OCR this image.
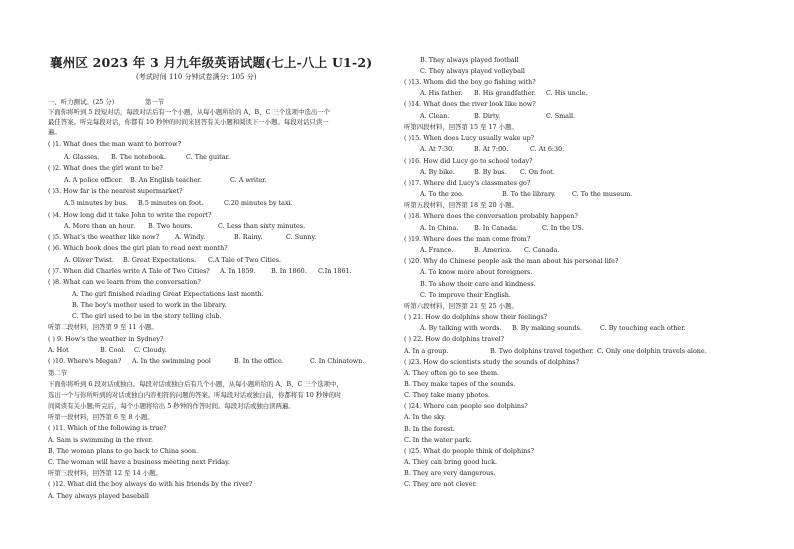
襄州区 2023 年 3 月九年级英语试题(七上-八上 U1-2)
(考试时间 110 分钟试卷满分: 105 分)
一、听力测试。(25 分)	第一节
下面你将听到 5 段短对话，每段对话后有一个小题，从每小题所给的 A、B、C 三个选项中选出一个
最佳答案。听完每段对话，你都有 10 秒钟的时间来回答有关小题和阅读下一小题。每段对话只读一
遍。
( )1. What does the man want to borrow?
A. Glasses. B. The notebook.	C. The guitar.
( )2. What does the girl want to be?
A. A police officer. B. An English teacher.	C. A writer.
( )3. How far is the nearest supermarket?
A.5 minutes by bus. B.5 minutes on foot.	C.20 minutes by taxi.
( )4. How long did it take John to write the report?
A. More than an hour. B. Two hours.	C. Less than sixty minutes.
( )5. What's the weather like now? A. Windy.	B. Rainy.	C. Sunny.
( )6. Which book does the girl plan to read next month?
A. Oliver Twist. B. Great Expectations. C.A Tale of Two Cities.
( )7. When did Charles write A Tale of Two Cities? A. In 1859. B. In 1860. C.In 1861.
( )8. What can we learn from the conversation?
A. The girl finished reading Great Expectations last month.
B. The boy's mother used to work in the library.
C. The girl used to be in the story telling club.
听第二段材料，回答第 9 至 11 小题。
( ) 9. How's the weather in Sydney?
A. Hot	B. Cool. C. Cloudy.
( )10. Where's Megan? A. In the swimming pool	B. In the office.	C. In Chinatown.
第二节
下面你将听到 6 段对话或独白。每段对话或独白后有几个小题，从每小题所给的 A、B、C 三个选项中，
选出一个与你所听到的对话或独白内容相符的问题的答案。听每段对话或独白前，你都将有 10 秒钟的时
间阅读有关小题;听完后，每个小题将给出 5 秒钟的作答时间。每段对话或独白读两遍。
听第一段材料，回答第 6 至 8 小题。
( )11. Which of the following is true?
A. Sam is swimming in the river.
B. The woman plans to go back to China soon.
C. The woman will have a business meeting next Friday.
听第三段材料，回答第 12 至 14 小题。
( )12. What did the boy always do with his friends by the river?
A. They always played baseball
B. They always played football
C. They always played volleyball
( )13. Whom did the boy go fishing with?
A. His father. B. His grandfather. C. His uncle.
( )14. What does the river look like now?
A. Clean.	B. Dirty.	C. Small.
听第四段材料，回答第 15 至 17 小题。
( )15. When does Lucy usually wake up?
A. At 7:30.	B. At 7:00.	C. At 6:30.
( )16. How did Lucy go to school today?
A. By bike.	B. By bus. C. On foot.
( )17. Where did Lucy's classmates go?
A. To the zoo.	B. To the library.	C. To the museum.
听第五段材料，回答第 18 至 20 小题。
( )18. Where does the conversation probably happen?
A. In China. B. In Canada.	C. In the US.
( )19. Where does the man come from?
A. France.	B. America. C. Canada.
( )20. Why do Chinese people ask the man about his personal life?
A. To know more about foreigners.
B. To show their care and kindness.
C. To improve their English.
听第六段材料，回答第 21 至 25 小题。
( ) 21. How do dolphins show their feelings?
A. By talking with words. B. By making sounds.	C. By touching each other.
( ) 22. How do dolphins travel?
A. In a group.	B. Two dolphins travel together. C. Only one dolphin travels alone.
( )23. How do scientists study the sounds of dolphins?
A. They often go to see them.
B. They make tapes of the sounds.
C. They take many photos.
( )24. Where can people see dolphins?
A. In the sky.
B. In the forest.
C. In the water park.
( )25. What do people think of dolphins?
A. They can bring good luck.
B. They are very dangerous.
C. They are not clever.
